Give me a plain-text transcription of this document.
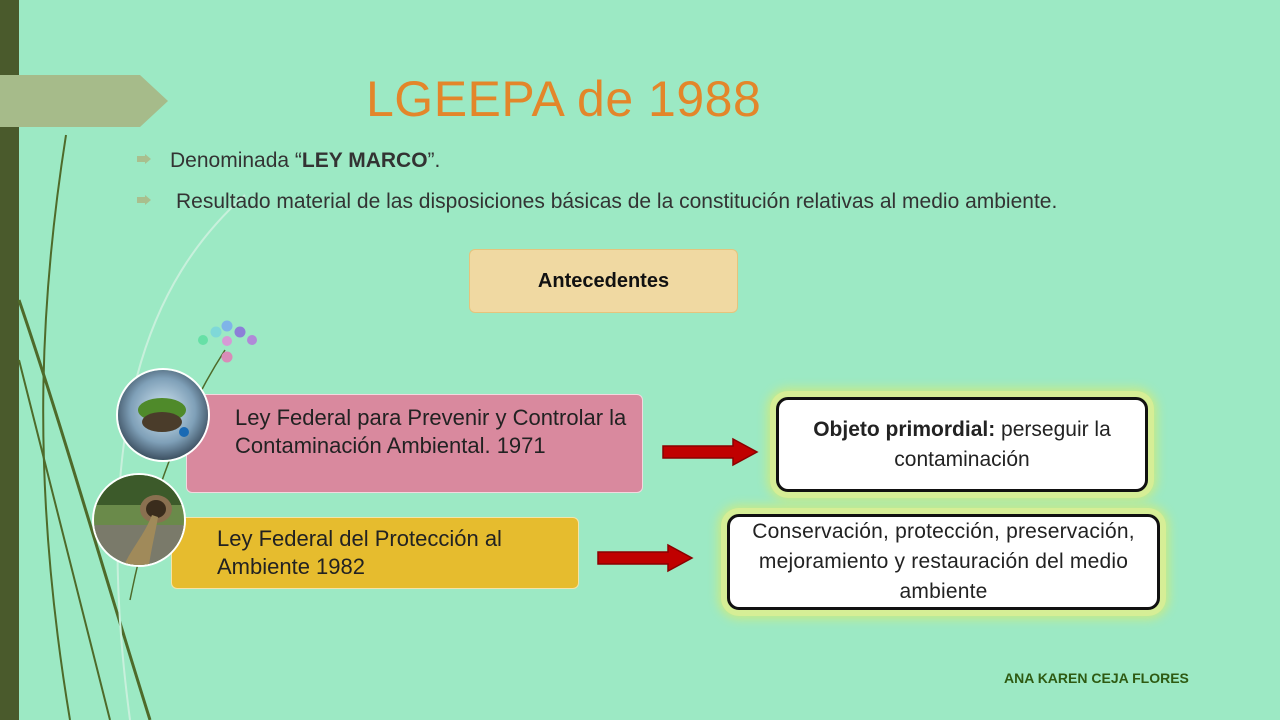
LGEEPA de 1988
Denominada “LEY MARCO”.
Resultado material de las disposiciones básicas de la constitución relativas al medio ambiente.
Antecedentes
Ley Federal para Prevenir y Controlar la Contaminación Ambiental. 1971
Ley Federal del Protección al Ambiente 1982
Objeto primordial: perseguir la contaminación
Conservación, protección, preservación, mejoramiento y restauración del medio ambiente
ANA KAREN CEJA FLORES
